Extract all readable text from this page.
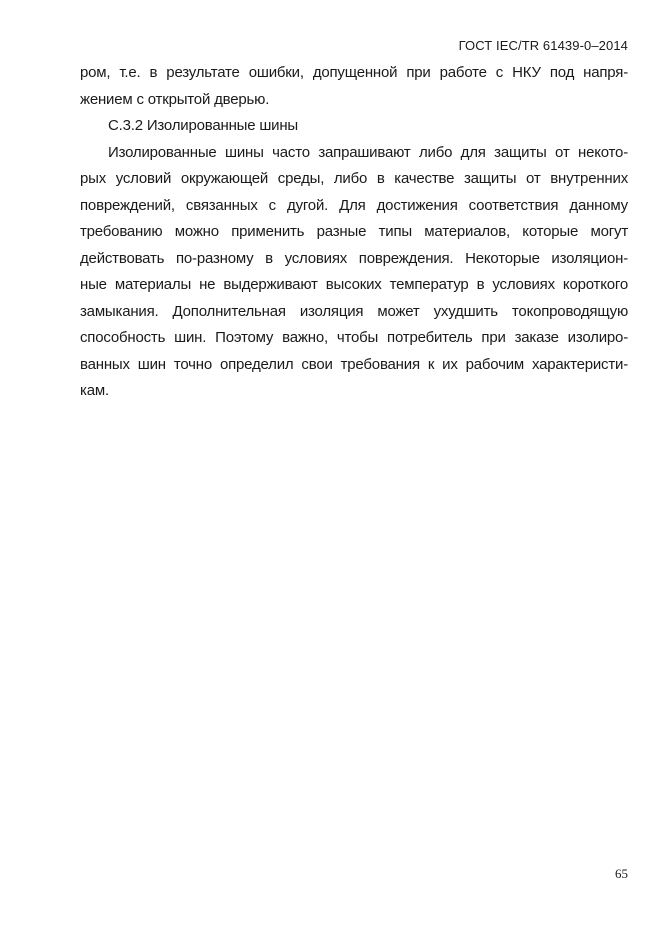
ГОСТ IEC/TR 61439-0–2014

ром, т.е. в результате ошибки, допущенной при работе с НКУ под напря-
жением с открытой дверью.

С.3.2 Изолированные шины

Изолированные шины часто запрашивают либо для защиты от некото-
рых условий окружающей среды, либо в качестве защиты от внутренних
повреждений, связанных с дугой. Для достижения соответствия данному
требованию можно применить разные типы материалов, которые могут
действовать по-разному в условиях повреждения. Некоторые изоляцион-
ные материалы не выдерживают высоких температур в условиях короткого
замыкания. Дополнительная изоляция может ухудшить токопроводящую
способность шин. Поэтому важно, чтобы потребитель при заказе изолиро-
ванных шин точно определил свои требования к их рабочим характеристи-
кам.

65
